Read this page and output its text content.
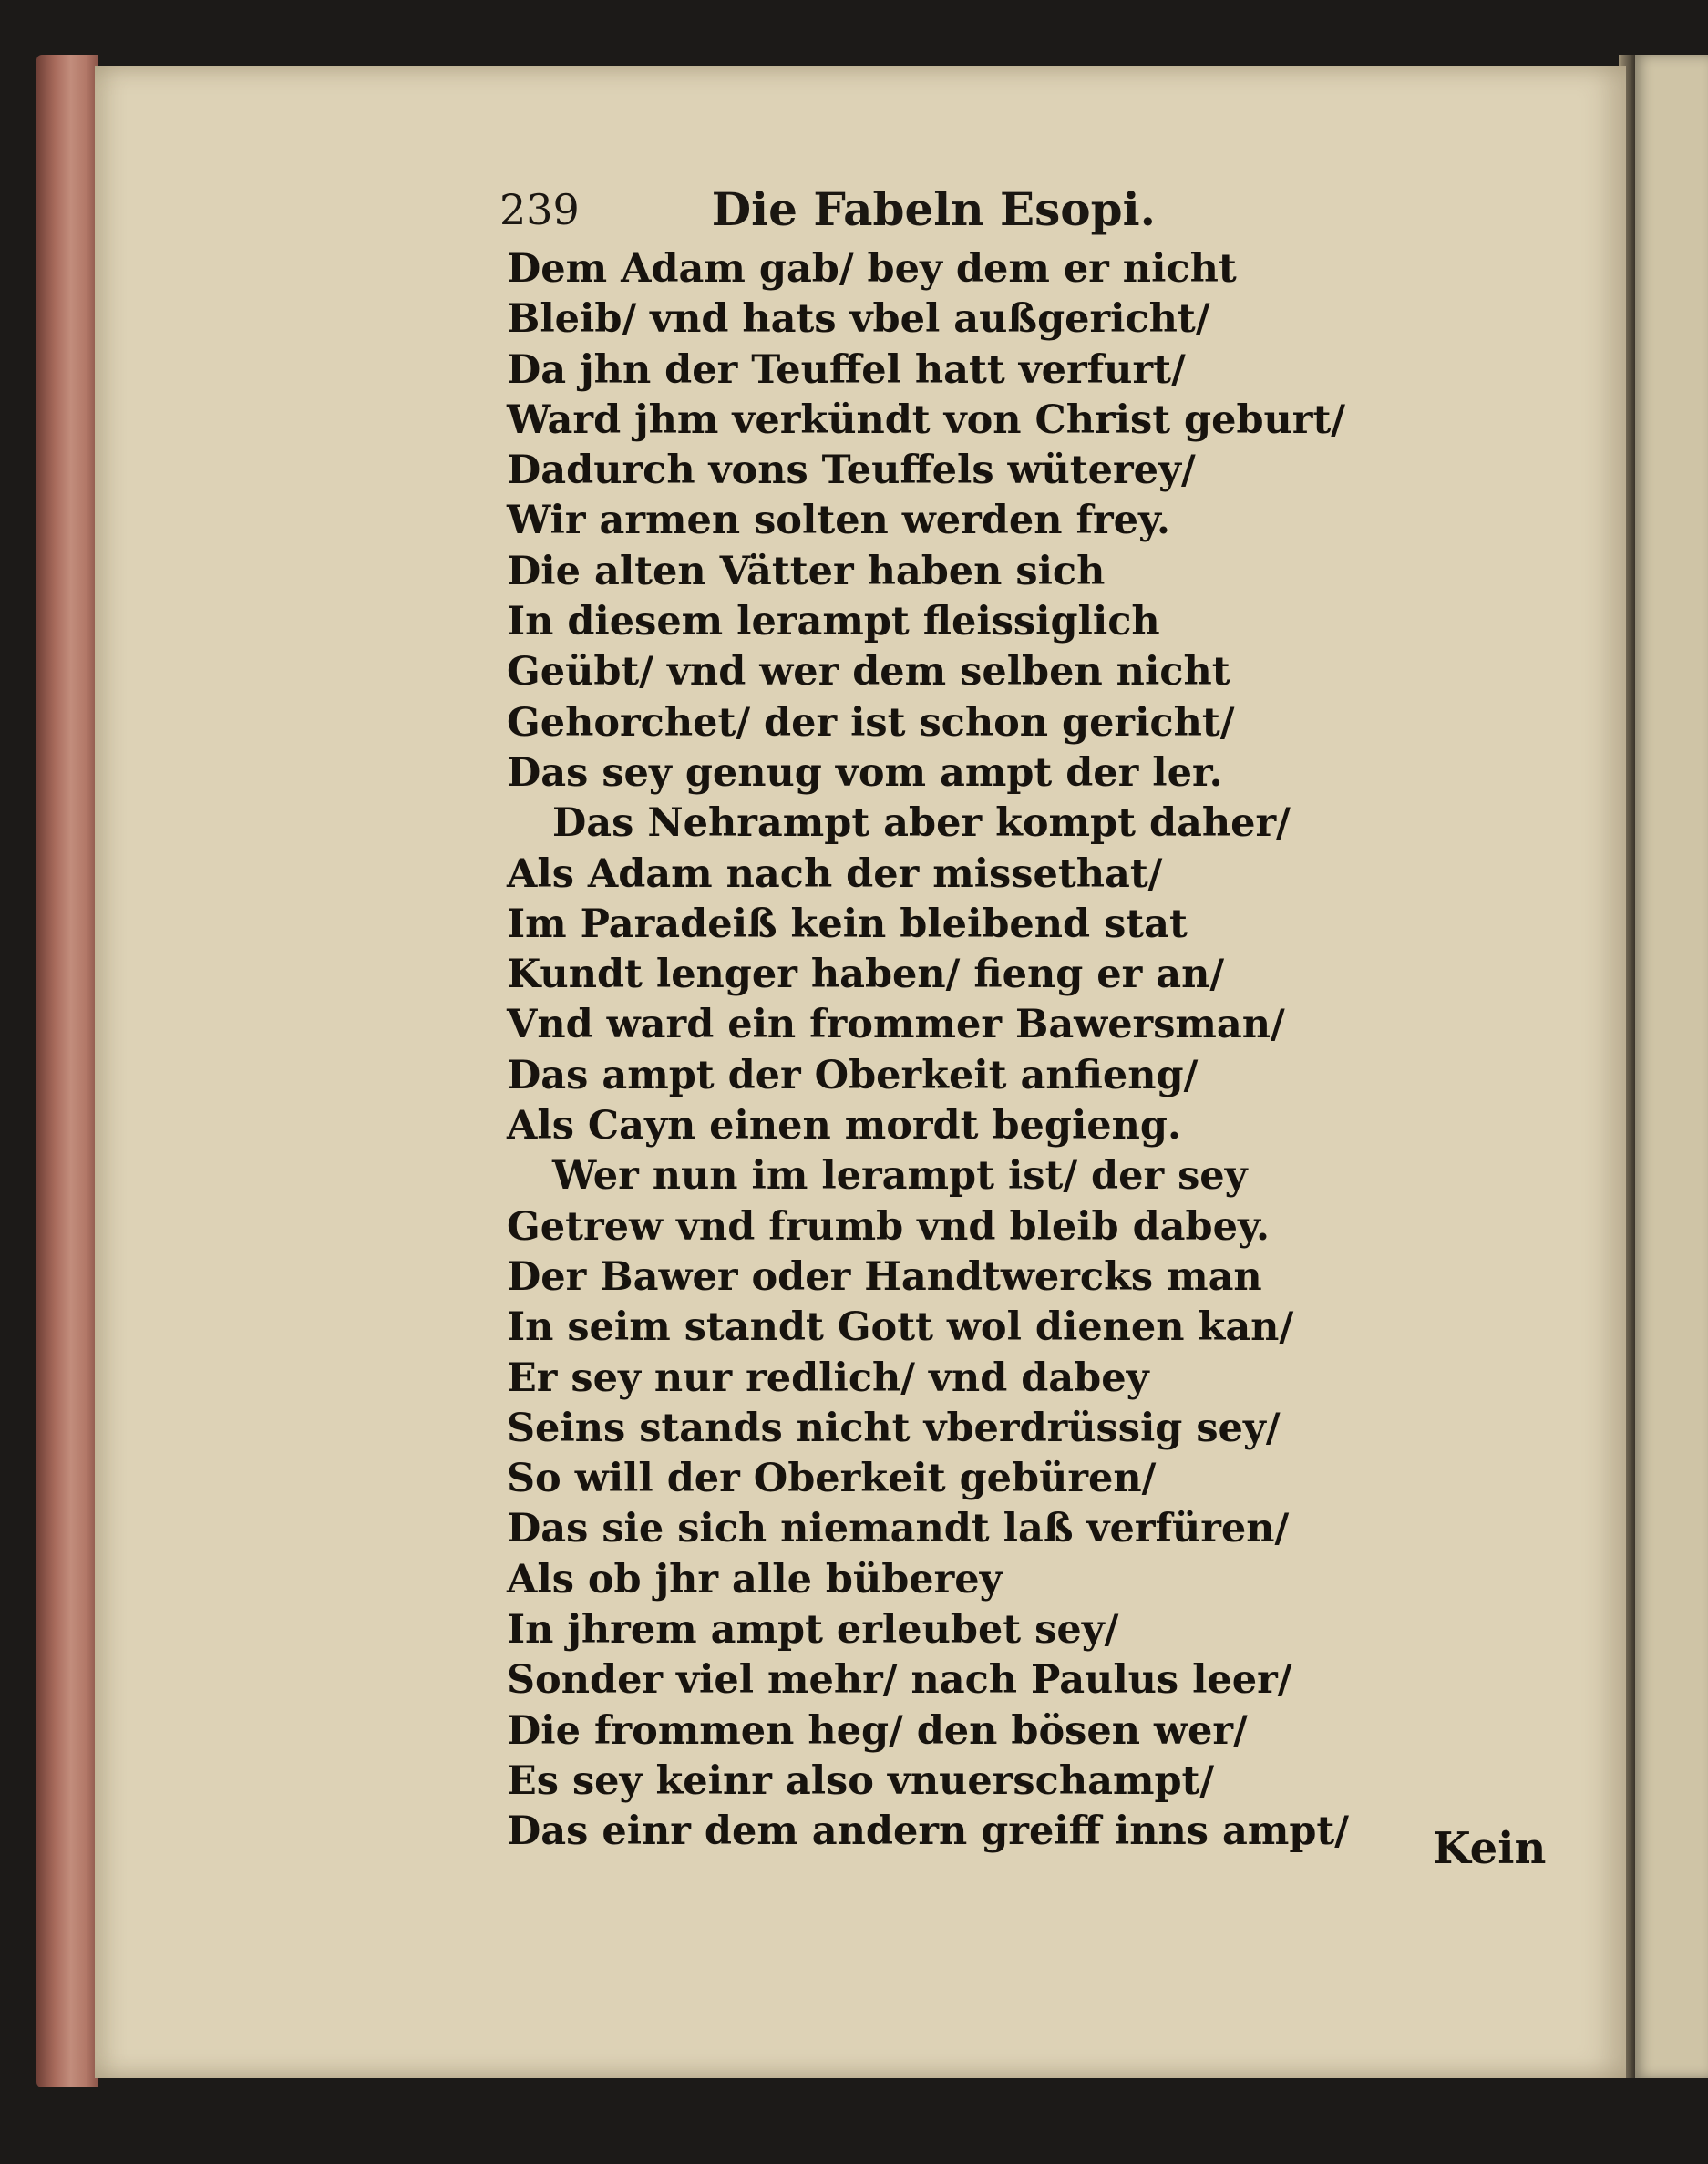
239	Die Fabeln Esopi.
Dem Adam gab/ bey dem er nicht
Bleib/ vnd hats vbel außgericht/
Da jhn der Teuffel hatt verfurt/
Ward jhm verkündt von Christ geburt/
Dadurch vons Teuffels wüterey/
Wir armen solten werden frey.
Die alten Vätter haben sich
In diesem lerampt fleissiglich
Geübt/ vnd wer dem selben nicht
Gehorchet/ der ist schon gericht/
Das sey genug vom ampt der ler.
Das Nehrampt aber kompt daher/
Als Adam nach der missethat/
Im Paradeiß kein bleibend stat
Kundt lenger haben/ fieng er an/
Vnd ward ein frommer Bawersman/
Das ampt der Oberkeit anfieng/
Als Cayn einen mordt begieng.
Wer nun im lerampt ist/ der sey
Getrew vnd frumb vnd bleib dabey.
Der Bawer oder Handtwercks man
In seim standt Gott wol dienen kan/
Er sey nur redlich/ vnd dabey
Seins stands nicht vberdrüssig sey/
So will der Oberkeit gebüren/
Das sie sich niemandt laß verfüren/
Als ob jhr alle büberey
In jhrem ampt erleubet sey/
Sonder viel mehr/ nach Paulus leer/
Die frommen heg/ den bösen wer/
Es sey keinr also vnuerschampt/
Das einr dem andern greiff inns ampt/ Kein
